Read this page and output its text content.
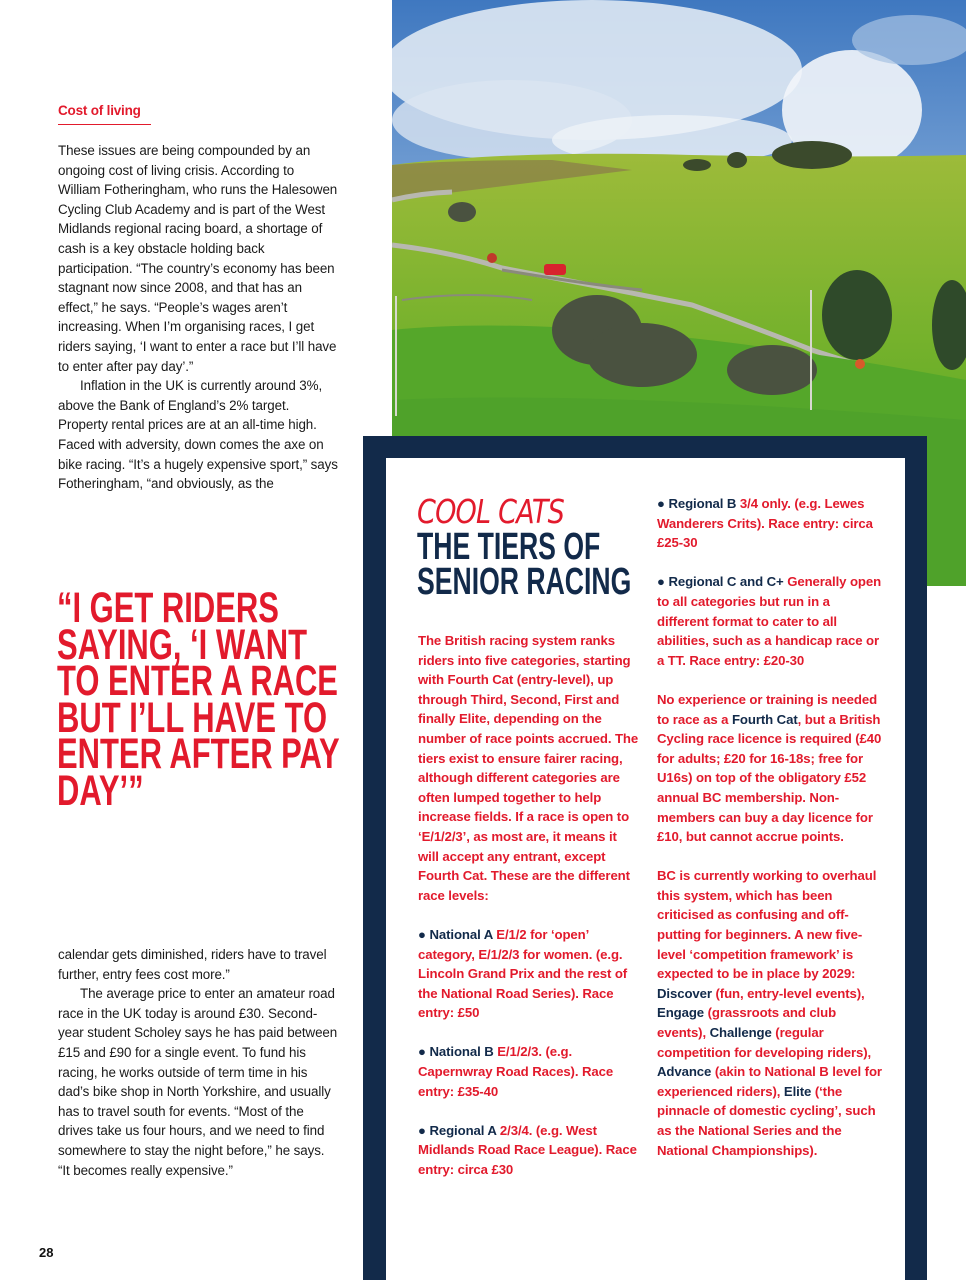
Cost of living

These issues are being compounded by an ongoing cost of living crisis. According to William Fotheringham, who runs the Halesowen Cycling Club Academy and is part of the West Midlands regional racing board, a shortage of cash is a key obstacle holding back participation. “The country’s economy has been stagnant now since 2008, and that has an effect,” he says. “People’s wages aren’t increasing. When I’m organising races, I get riders saying, ‘I want to enter a race but I’ll have to enter after pay day’.”

Inflation in the UK is currently around 3%, above the Bank of England’s 2% target. Property rental prices are at an all-time high. Faced with adversity, down comes the axe on bike racing. “It’s a hugely expensive sport,” says Fotheringham, “and obviously, as the

“I GET RIDERS SAYING, ‘I WANT TO ENTER A RACE BUT I’LL HAVE TO ENTER AFTER PAY DAY’”

calendar gets diminished, riders have to travel further, entry fees cost more.”

The average price to enter an amateur road race in the UK today is around £30. Second-year student Scholey says he has paid between £15 and £90 for a single event. To fund his racing, he works outside of term time in his dad’s bike shop in North Yorkshire, and usually has to travel south for events. “Most of the drives take us four hours, and we need to find somewhere to stay the night before,” he says. “It becomes really expensive.”

28
COOL CATS
THE TIERS OF
SENIOR RACING

The British racing system ranks riders into five categories, starting with Fourth Cat (entry-level), up through Third, Second, First and finally Elite, depending on the number of race points accrued. The tiers exist to ensure fairer racing, although different categories are often lumped together to help increase fields. If a race is open to ‘E/1/2/3’, as most are, it means it will accept any entrant, except Fourth Cat. These are the different race levels:

● National A E/1/2 for ‘open’ category, E/1/2/3 for women. (e.g. Lincoln Grand Prix and the rest of the National Road Series). Race entry: £50

● National B E/1/2/3. (e.g. Capernwray Road Races). Race entry: £35-40

● Regional A 2/3/4. (e.g. West Midlands Road Race League). Race entry: circa £30

● Regional B 3/4 only. (e.g. Lewes Wanderers Crits). Race entry: circa £25-30

● Regional C and C+ Generally open to all categories but run in a different format to cater to all abilities, such as a handicap race or a TT. Race entry: £20-30

No experience or training is needed to race as a Fourth Cat, but a British Cycling race licence is required (£40 for adults; £20 for 16-18s; free for U16s) on top of the obligatory £52 annual BC membership. Non-members can buy a day licence for £10, but cannot accrue points.

BC is currently working to overhaul this system, which has been criticised as confusing and off-putting for beginners. A new five-level ‘competition framework’ is expected to be in place by 2029: Discover (fun, entry-level events), Engage (grassroots and club events), Challenge (regular competition for developing riders), Advance (akin to National B level for experienced riders), Elite (‘the pinnacle of domestic cycling’, such as the National Series and the National Championships).
